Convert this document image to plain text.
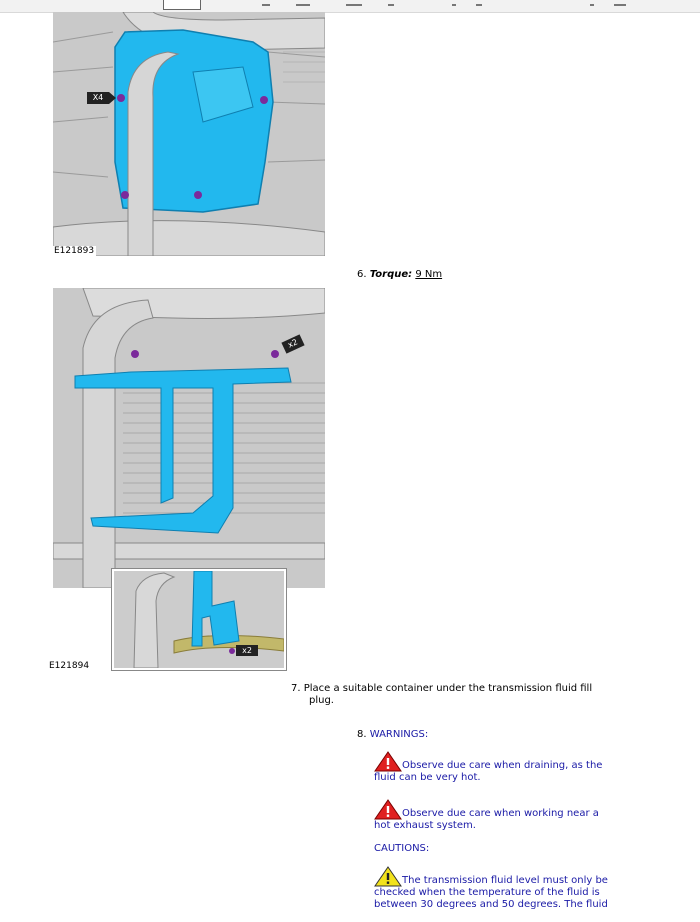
X4
E121893
6. Torque: 9 Nm
x2
x2
E121894
7. Place a suitable container under the transmission fluid fill
plug.
8. WARNINGS:
Observe due care when draining, as the
fluid can be very hot.
Observe due care when working near a
hot exhaust system.
CAUTIONS:
The transmission fluid level must only be
checked when the temperature of the fluid is
between 30 degrees and 50 degrees. The fluid
